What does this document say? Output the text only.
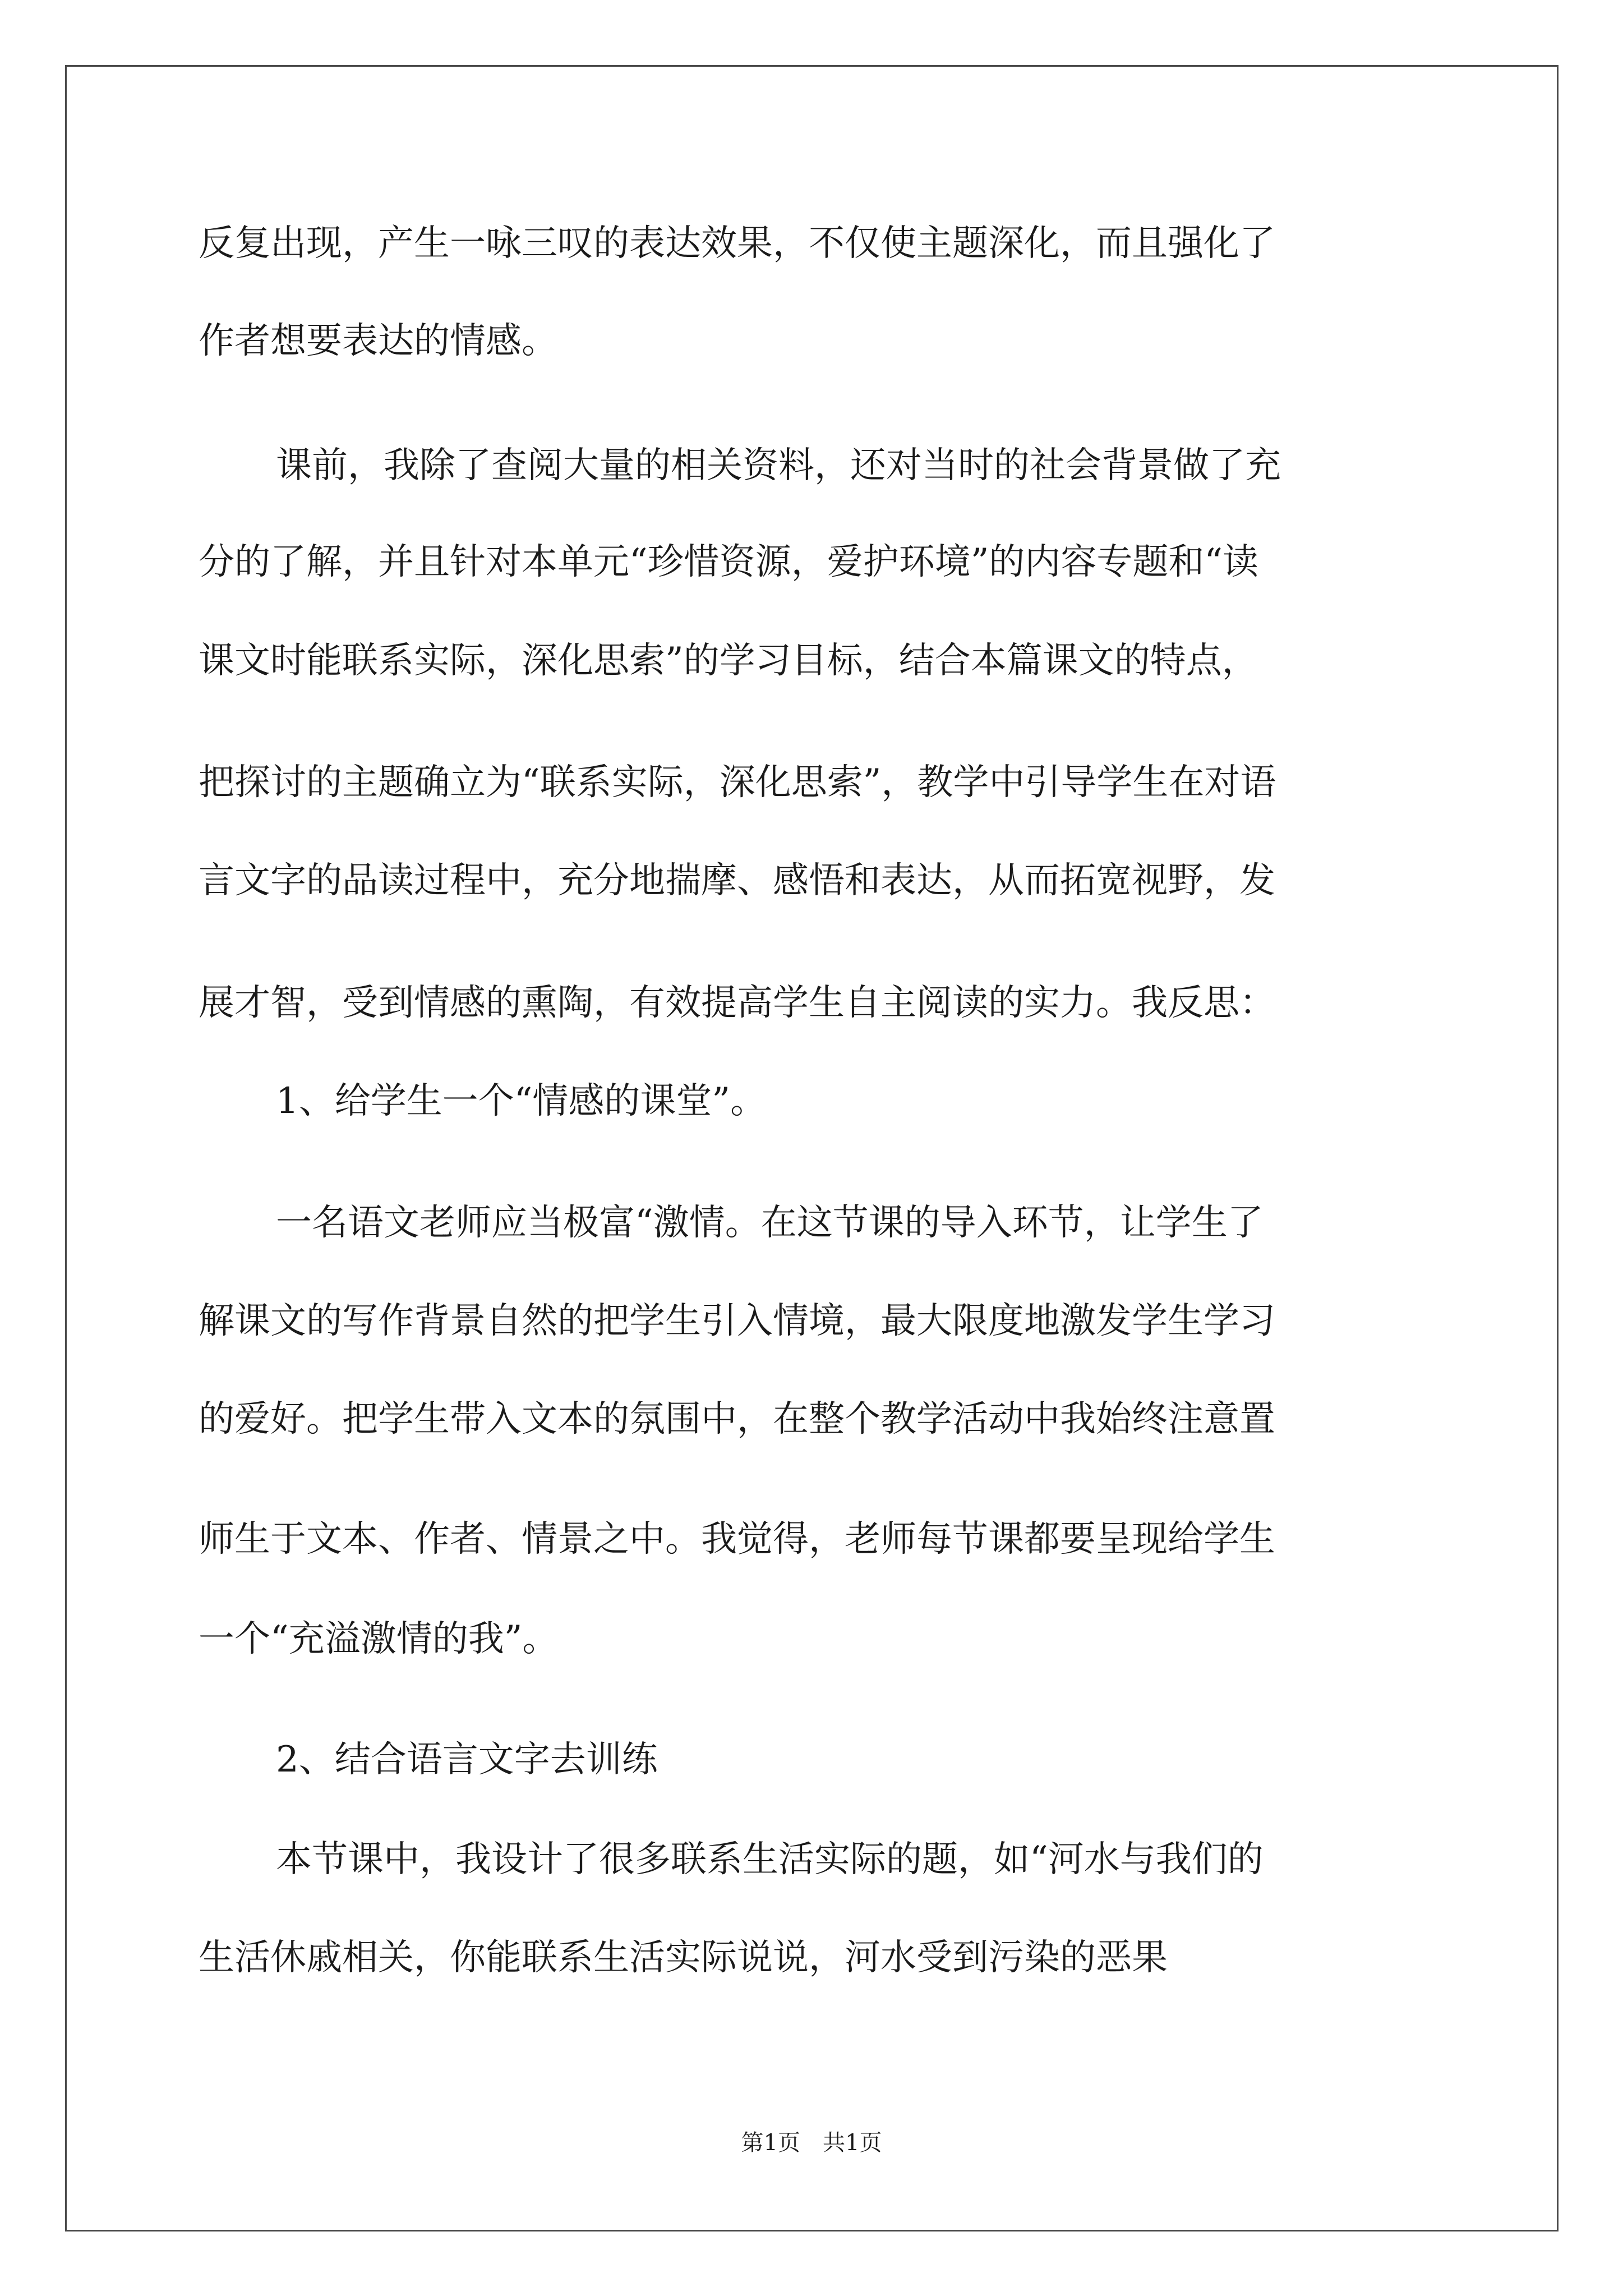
反复出现，产生一咏三叹的表达效果，不仅使主题深化，而且强化了

作者想要表达的情感。

课前，我除了查阅大量的相关资料，还对当时的社会背景做了充

分的了解，并且针对本单元“珍惜资源，爱护环境”的内容专题和“读

课文时能联系实际，深化思索”的学习目标，结合本篇课文的特点，

把探讨的主题确立为“联系实际，深化思索”，教学中引导学生在对语

言文字的品读过程中，充分地揣摩、感悟和表达，从而拓宽视野，发

展才智，受到情感的熏陶，有效提高学生自主阅读的实力。我反思：

1、给学生一个“情感的课堂”。

一名语文老师应当极富“激情。在这节课的导入环节，让学生了

解课文的写作背景自然的把学生引入情境，最大限度地激发学生学习

的爱好。把学生带入文本的氛围中，在整个教学活动中我始终注意置

师生于文本、作者、情景之中。我觉得，老师每节课都要呈现给学生

一个“充溢激情的我”。

2、结合语言文字去训练

本节课中，我设计了很多联系生活实际的题，如“河水与我们的

生活休戚相关，你能联系生活实际说说，河水受到污染的恶果

第1页　共1页
